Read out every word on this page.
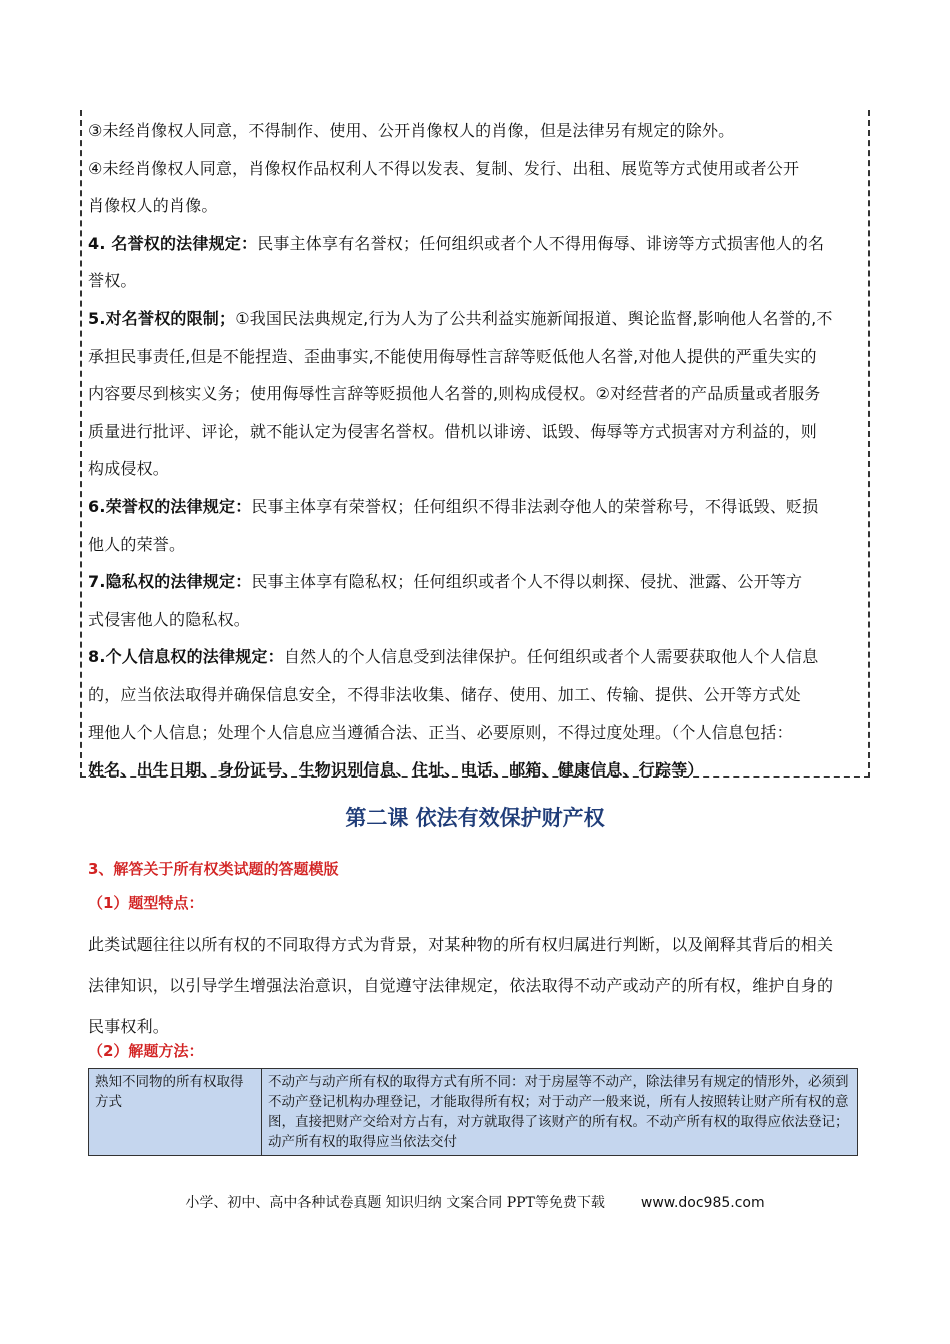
③未经肖像权人同意，不得制作、使用、公开肖像权人的肖像，但是法律另有规定的除外。
④未经肖像权人同意，肖像权作品权利人不得以发表、复制、发行、出租、展览等方式使用或者公开
肖像权人的肖像。
4. 名誉权的法律规定：民事主体享有名誉权；任何组织或者个人不得用侮辱、诽谤等方式损害他人的名
誉权。
5.对名誉权的限制；①我国民法典规定,行为人为了公共利益实施新闻报道、舆论监督,影响他人名誉的,不
承担民事责任,但是不能捏造、歪曲事实,不能使用侮辱性言辞等贬低他人名誉,对他人提供的严重失实的
内容要尽到核实义务；使用侮辱性言辞等贬损他人名誉的,则构成侵权。②对经营者的产品质量或者服务
质量进行批评、评论，就不能认定为侵害名誉权。借机以诽谤、诋毁、侮辱等方式损害对方利益的，则
构成侵权。
6.荣誉权的法律规定：民事主体享有荣誉权；任何组织不得非法剥夺他人的荣誉称号，不得诋毁、贬损
他人的荣誉。
7.隐私权的法律规定：民事主体享有隐私权；任何组织或者个人不得以刺探、侵扰、泄露、公开等方
式侵害他人的隐私权。
8.个人信息权的法律规定：自然人的个人信息受到法律保护。任何组织或者个人需要获取他人个人信息
的，应当依法取得并确保信息安全，不得非法收集、储存、使用、加工、传输、提供、公开等方式处
理他人个人信息；处理个人信息应当遵循合法、正当、必要原则，不得过度处理。（个人信息包括：
姓名、出生日期、身份证号、生物识别信息、住址、电话、邮箱、健康信息、行踪等）
第二课 依法有效保护财产权
3、解答关于所有权类试题的答题模版
（1）题型特点：
此类试题往往以所有权的不同取得方式为背景，对某种物的所有权归属进行判断，以及阐释其背后的相关
法律知识，以引导学生增强法治意识，自觉遵守法律规定，依法取得不动产或动产的所有权，维护自身的
民事权利。
（2）解题方法：
熟知不同物的所有权取得方式	不动产与动产所有权的取得方式有所不同：对于房屋等不动产，除法律另有规定的情形外，必须到不动产登记机构办理登记，才能取得所有权；对于动产一般来说，所有人按照转让财产所有权的意图，直接把财产交给对方占有，对方就取得了该财产的所有权。不动产所有权的取得应依法登记；动产所有权的取得应当依法交付
小学、初中、高中各种试卷真题 知识归纳 文案合同 PPT等免费下载	www.doc985.com
